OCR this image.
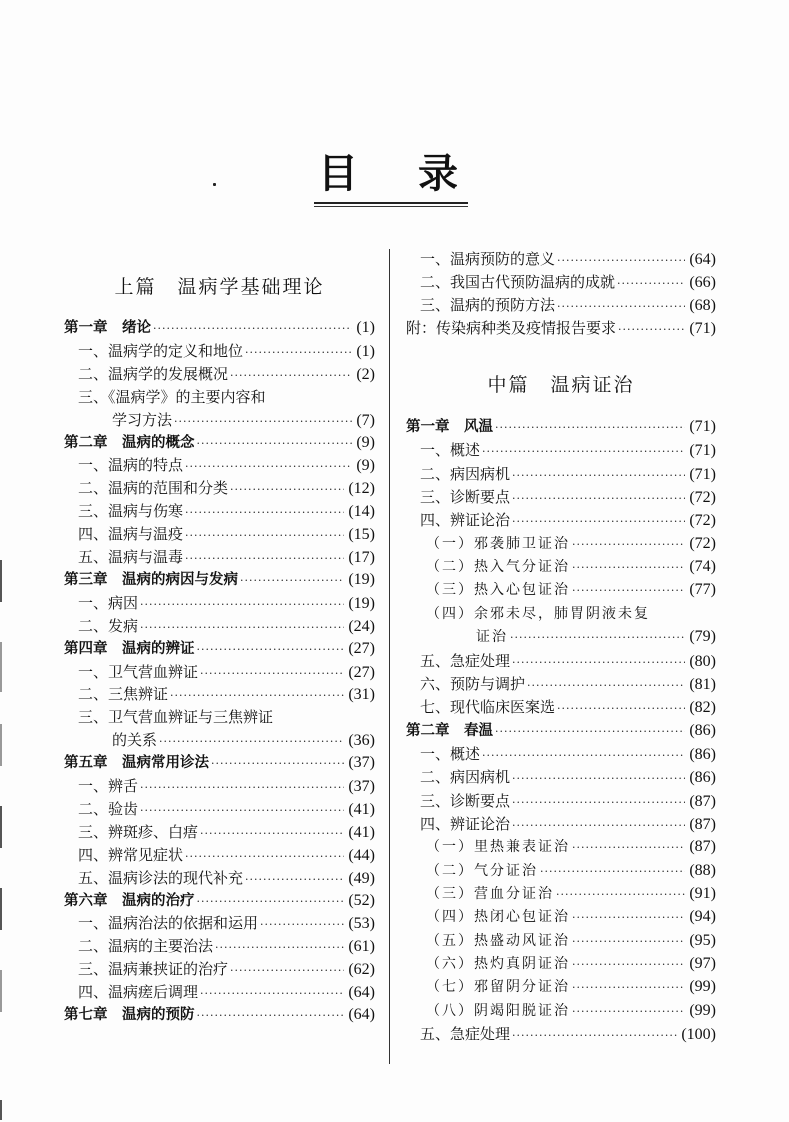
目 录
上篇　温病学基础理论
第一章　绪论 ·····	(1)
一、温病学的定义和地位 ·····	(1)
二、温病学的发展概况 ·····	(2)
三、《温病学》的主要内容和
学习方法 ·····	(7)
第二章　温病的概念 ·····	(9)
一、温病的特点 ·····	(9)
二、温病的范围和分类 ·····	(12)
三、温病与伤寒 ·····	(14)
四、温病与温疫 ·····	(15)
五、温病与温毒 ·····	(17)
第三章　温病的病因与发病 ·····	(19)
一、病因 ·····	(19)
二、发病 ·····	(24)
第四章　温病的辨证 ·····	(27)
一、卫气营血辨证 ·····	(27)
二、三焦辨证 ·····	(31)
三、卫气营血辨证与三焦辨证
的关系 ·····	(36)
第五章　温病常用诊法 ·····	(37)
一、辨舌 ·····	(37)
二、验齿 ·····	(41)
三、辨斑疹、白痦 ·····	(41)
四、辨常见症状 ·····	(44)
五、温病诊法的现代补充 ·····	(49)
第六章　温病的治疗 ·····	(52)
一、温病治法的依据和运用 ·····	(53)
二、温病的主要治法 ·····	(61)
三、温病兼挟证的治疗 ·····	(62)
四、温病瘥后调理 ·····	(64)
第七章　温病的预防 ·····	(64)
一、温病预防的意义 ·····	(64)
二、我国古代预防温病的成就 ·····	(66)
三、温病的预防方法 ·····	(68)
附：传染病种类及疫情报告要求 ·····	(71)
中篇　温病证治
第一章　风温 ·····	(71)
一、概述 ·····	(71)
二、病因病机 ·····	(71)
三、诊断要点 ·····	(72)
四、辨证论治 ·····	(72)
（一）邪袭肺卫证治 ·····	(72)
（二）热入气分证治 ·····	(74)
（三）热入心包证治 ·····	(77)
（四）余邪未尽，肺胃阴液未复
证治 ·····	(79)
五、急症处理 ·····	(80)
六、预防与调护 ·····	(81)
七、现代临床医案选 ·····	(82)
第二章　春温 ·····	(86)
一、概述 ·····	(86)
二、病因病机 ·····	(86)
三、诊断要点 ·····	(87)
四、辨证论治 ·····	(87)
（一）里热兼表证治 ·····	(87)
（二）气分证治 ·····	(88)
（三）营血分证治 ·····	(91)
（四）热闭心包证治 ·····	(94)
（五）热盛动风证治 ·····	(95)
（六）热灼真阴证治 ·····	(97)
（七）邪留阴分证治 ·····	(99)
（八）阴竭阳脱证治 ·····	(99)
五、急症处理 ·····	(100)
